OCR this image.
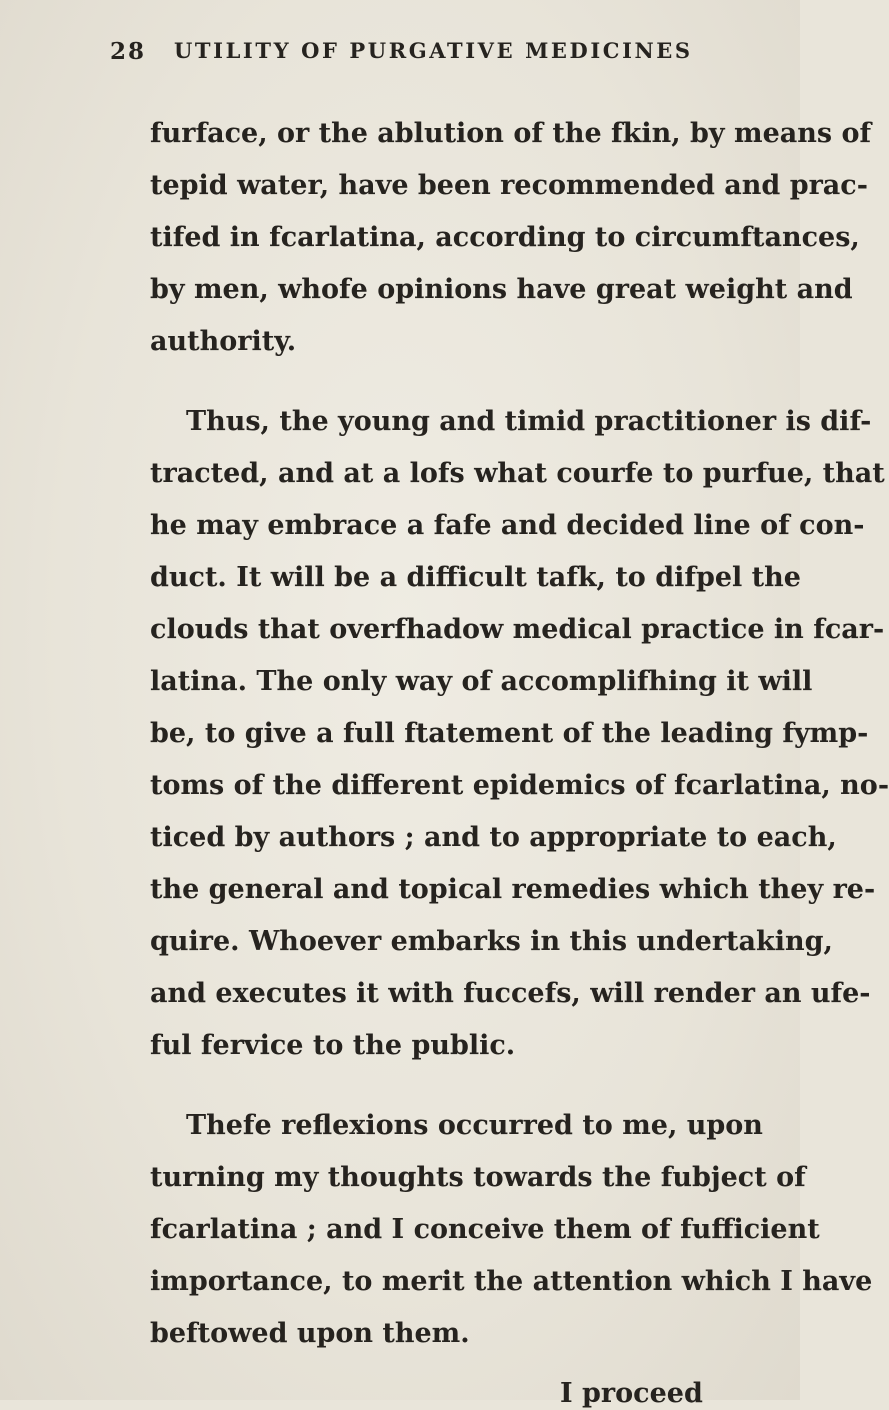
28 UTILITY OF PURGATIVE MEDICINES
furface, or the ablution of the fkin, by means of
tepid water, have been recommended and prac-
tifed in fcarlatina, according to circumftances,
by men, whofe opinions have great weight and
authority.
Thus, the young and timid practitioner is dif-
tracted, and at a lofs what courfe to purfue, that
he may embrace a fafe and decided line of con-
duct. It will be a difficult tafk, to difpel the
clouds that overfhadow medical practice in fcar-
latina. The only way of accomplifhing it will
be, to give a full ftatement of the leading fymp-
toms of the different epidemics of fcarlatina, no-
ticed by authors ; and to appropriate to each,
the general and topical remedies which they re-
quire. Whoever embarks in this undertaking,
and executes it with fuccefs, will render an ufe-
ful fervice to the public.
Thefe reflexions occurred to me, upon
turning my thoughts towards the fubject of
fcarlatina ; and I conceive them of fufficient
importance, to merit the attention which I have
beftowed upon them.
I proceed
